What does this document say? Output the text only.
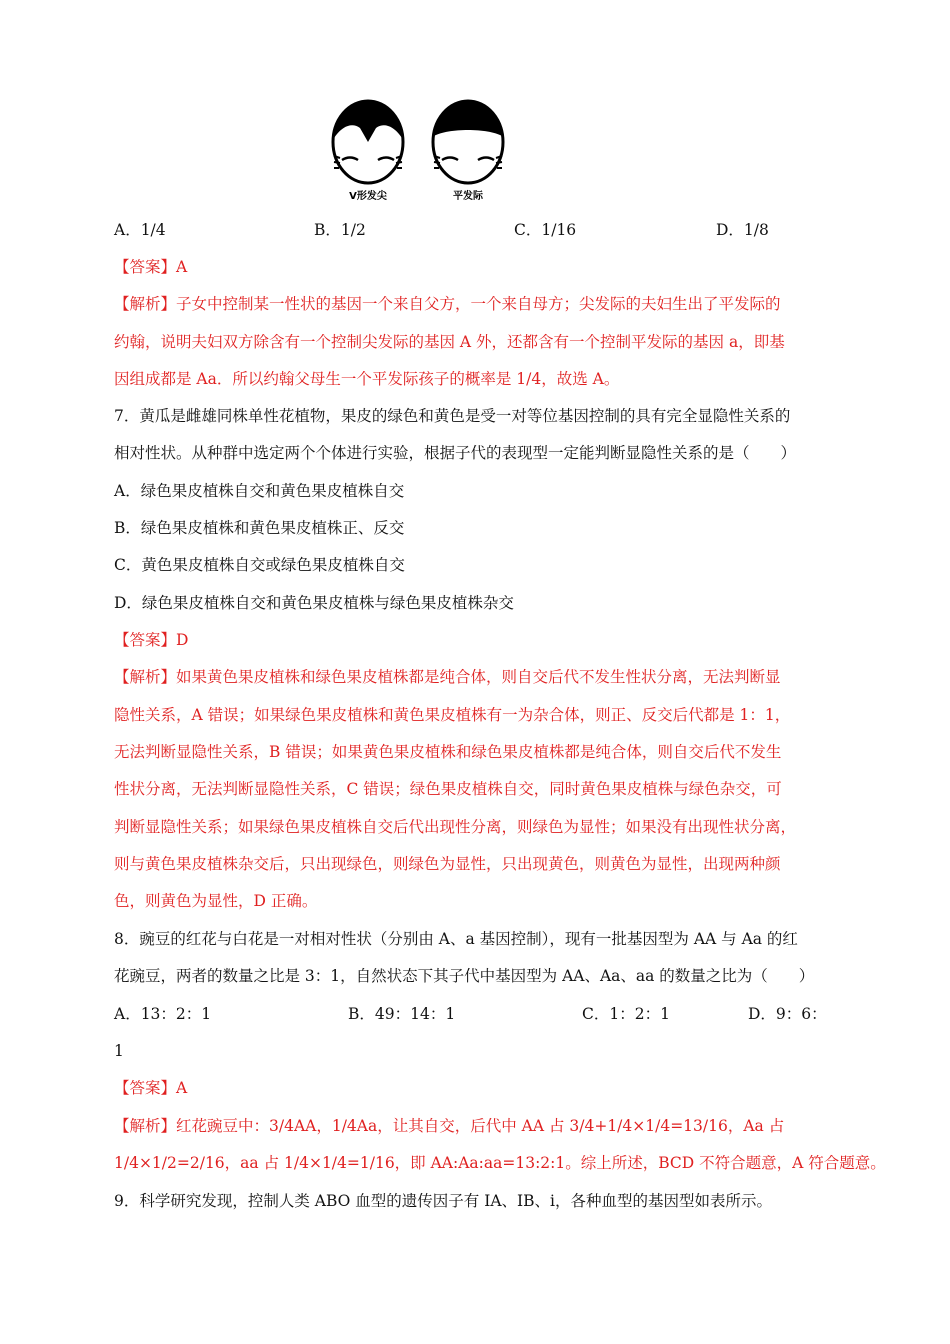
V形发尖	平发际
A．1/4	B．1/2	C．1/16	D．1/8
【答案】A
【解析】子女中控制某一性状的基因一个来自父方，一个来自母方；尖发际的夫妇生出了平发际的
约翰，说明夫妇双方除含有一个控制尖发际的基因 A 外，还都含有一个控制平发际的基因 a，即基
因组成都是 Aa．所以约翰父母生一个平发际孩子的概率是 1/4，故选 A。
7．黄瓜是雌雄同株单性花植物，果皮的绿色和黄色是受一对等位基因控制的具有完全显隐性关系的
相对性状。从种群中选定两个个体进行实验，根据子代的表现型一定能判断显隐性关系的是（　　）
A．绿色果皮植株自交和黄色果皮植株自交
B．绿色果皮植株和黄色果皮植株正、反交
C．黄色果皮植株自交或绿色果皮植株自交
D．绿色果皮植株自交和黄色果皮植株与绿色果皮植株杂交
【答案】D
【解析】如果黄色果皮植株和绿色果皮植株都是纯合体，则自交后代不发生性状分离，无法判断显
隐性关系，A 错误；如果绿色果皮植株和黄色果皮植株有一为杂合体，则正、反交后代都是 1：1，
无法判断显隐性关系，B 错误；如果黄色果皮植株和绿色果皮植株都是纯合体，则自交后代不发生
性状分离，无法判断显隐性关系，C 错误；绿色果皮植株自交，同时黄色果皮植株与绿色杂交，可
判断显隐性关系；如果绿色果皮植株自交后代出现性分离，则绿色为显性；如果没有出现性状分离，
则与黄色果皮植株杂交后，只出现绿色，则绿色为显性，只出现黄色，则黄色为显性，出现两种颜
色，则黄色为显性，D 正确。
8．豌豆的红花与白花是一对相对性状（分别由 A、a 基因控制），现有一批基因型为 AA 与 Aa 的红
花豌豆，两者的数量之比是 3：1，自然状态下其子代中基因型为 AA、Aa、aa 的数量之比为（　　）
A．13：2：1	B．49：14：1	C．1：2：1	D．9：6：
1
【答案】A
【解析】红花豌豆中：3/4AA，1/4Aa，让其自交，后代中 AA 占 3/4+1/4×1/4=13/16，Aa 占
1/4×1/2=2/16，aa 占 1/4×1/4=1/16，即 AA:Aa:aa=13:2:1。综上所述，BCD 不符合题意，A 符合题意。
9．科学研究发现，控制人类 ABO 血型的遗传因子有 IA、IB、i，各种血型的基因型如表所示。
